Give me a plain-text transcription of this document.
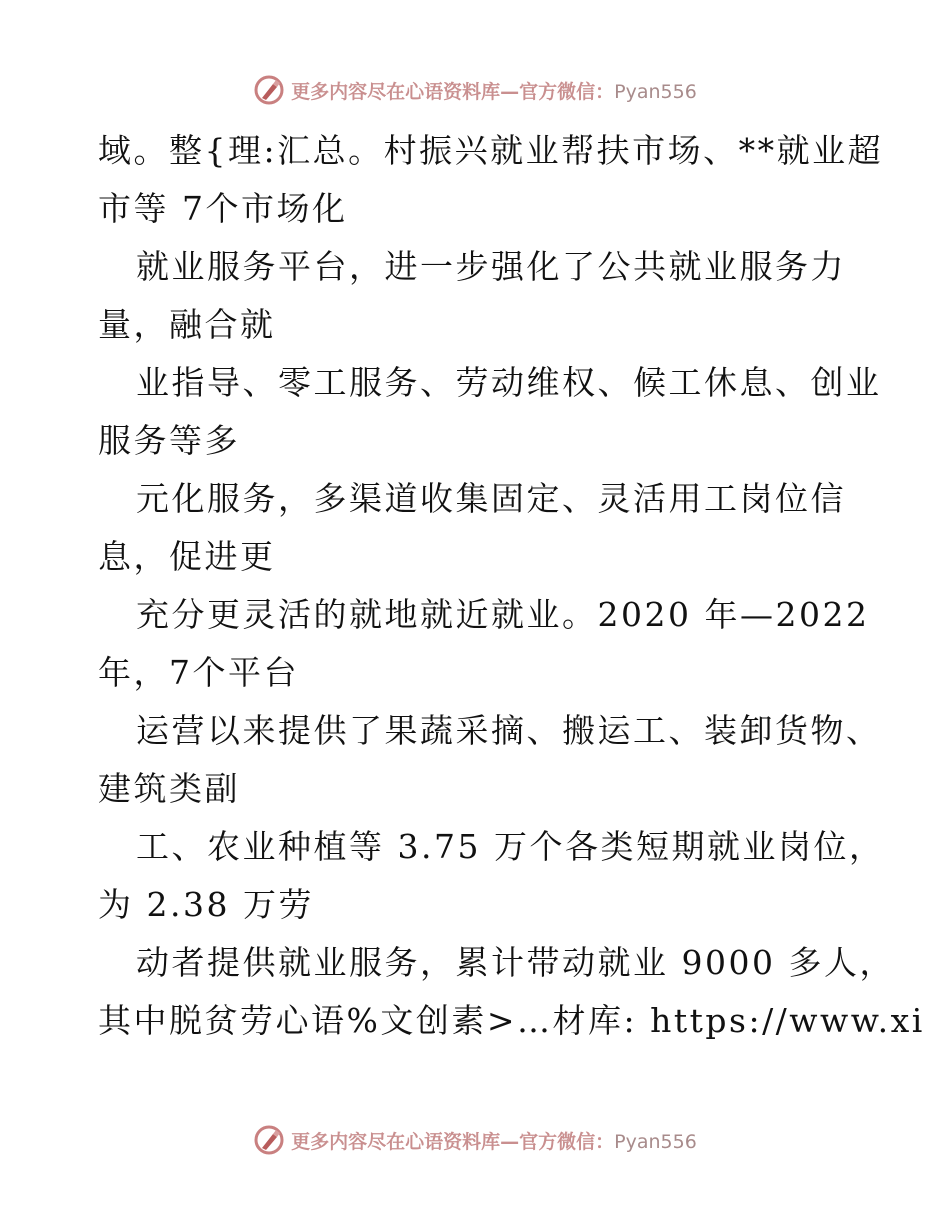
更多内容尽在心语资料库—官方微信：Pyan556
域。整{理:汇总。村振兴就业帮扶市场、**就业超
市等 7个市场化
就业服务平台，进一步强化了公共就业服务力
量，融合就
业指导、零工服务、劳动维权、候工休息、创业
服务等多
元化服务，多渠道收集固定、灵活用工岗位信
息，促进更
充分更灵活的就地就近就业。2020 年—2022
年，7个平台
运营以来提供了果蔬采摘、搬运工、装卸货物、
建筑类副
工、农业种植等 3.75 万个各类短期就业岗位，
为 2.38 万劳
动者提供就业服务，累计带动就业 9000 多人，
其中脱贫劳心语%文创素>…材库: https://www.xi
更多内容尽在心语资料库—官方微信：Pyan556
